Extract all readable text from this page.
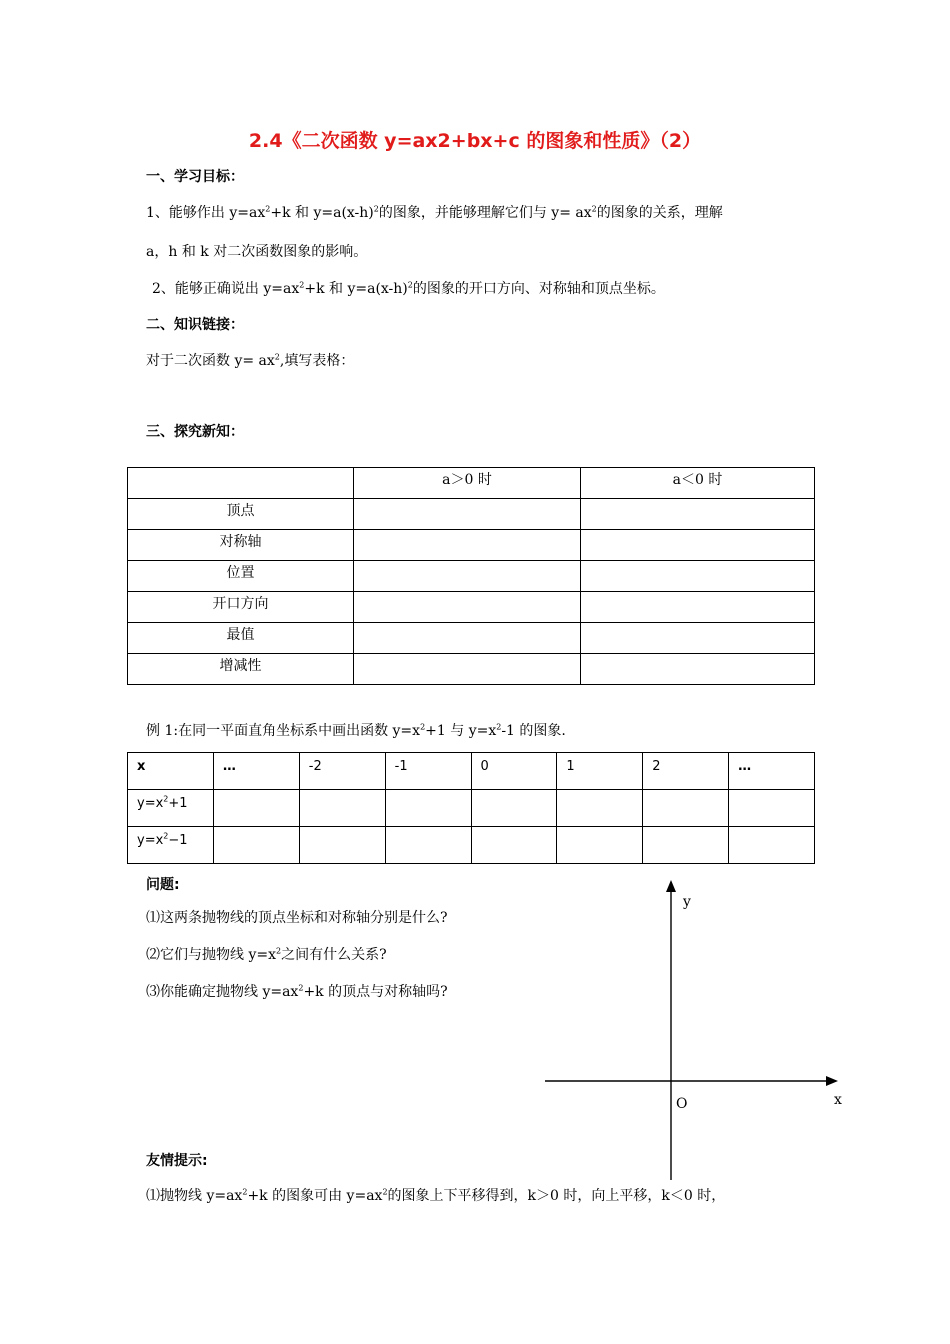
2.4《二次函数 y=ax2+bx+c 的图象和性质》（2）
一、学习目标：
1、能够作出 $y=ax^2+k$ 和 $y=a(x-h)^2$的图象，并能够理解它们与 $y= ax^2$的图象的关系，理解
a，h 和 k 对二次函数图象的影响。
2、能够正确说出 $y=ax^2+k$ 和 $y=a(x-h)^2$的图象的开口方向、对称轴和顶点坐标。
二、知识链接：
对于二次函数 $y= ax^2$,填写表格：
三、探究新知：
	a＞0 时	a＜0 时
顶点		
对称轴		
位置		
开口方向		
最值		
增减性		
例 1:在同一平面直角坐标系中画出函数 $y=x^2+1$ 与 $y=x^2-1$ 的图象.
x	…	-2	-1	0	1	2	…
$y=x^2+1$							
$y=x^2-1$							
问题:
⑴这两条抛物线的顶点坐标和对称轴分别是什么?
⑵它们与抛物线 $y=x^2$之间有什么关系?
⑶你能确定抛物线 $y=ax^2+k$ 的顶点与对称轴吗?
y
x
O
友情提示:
⑴抛物线 $y=ax^2+k$ 的图象可由 $y=ax^2$的图象上下平移得到，k＞0 时，向上平移，k＜0 时，
